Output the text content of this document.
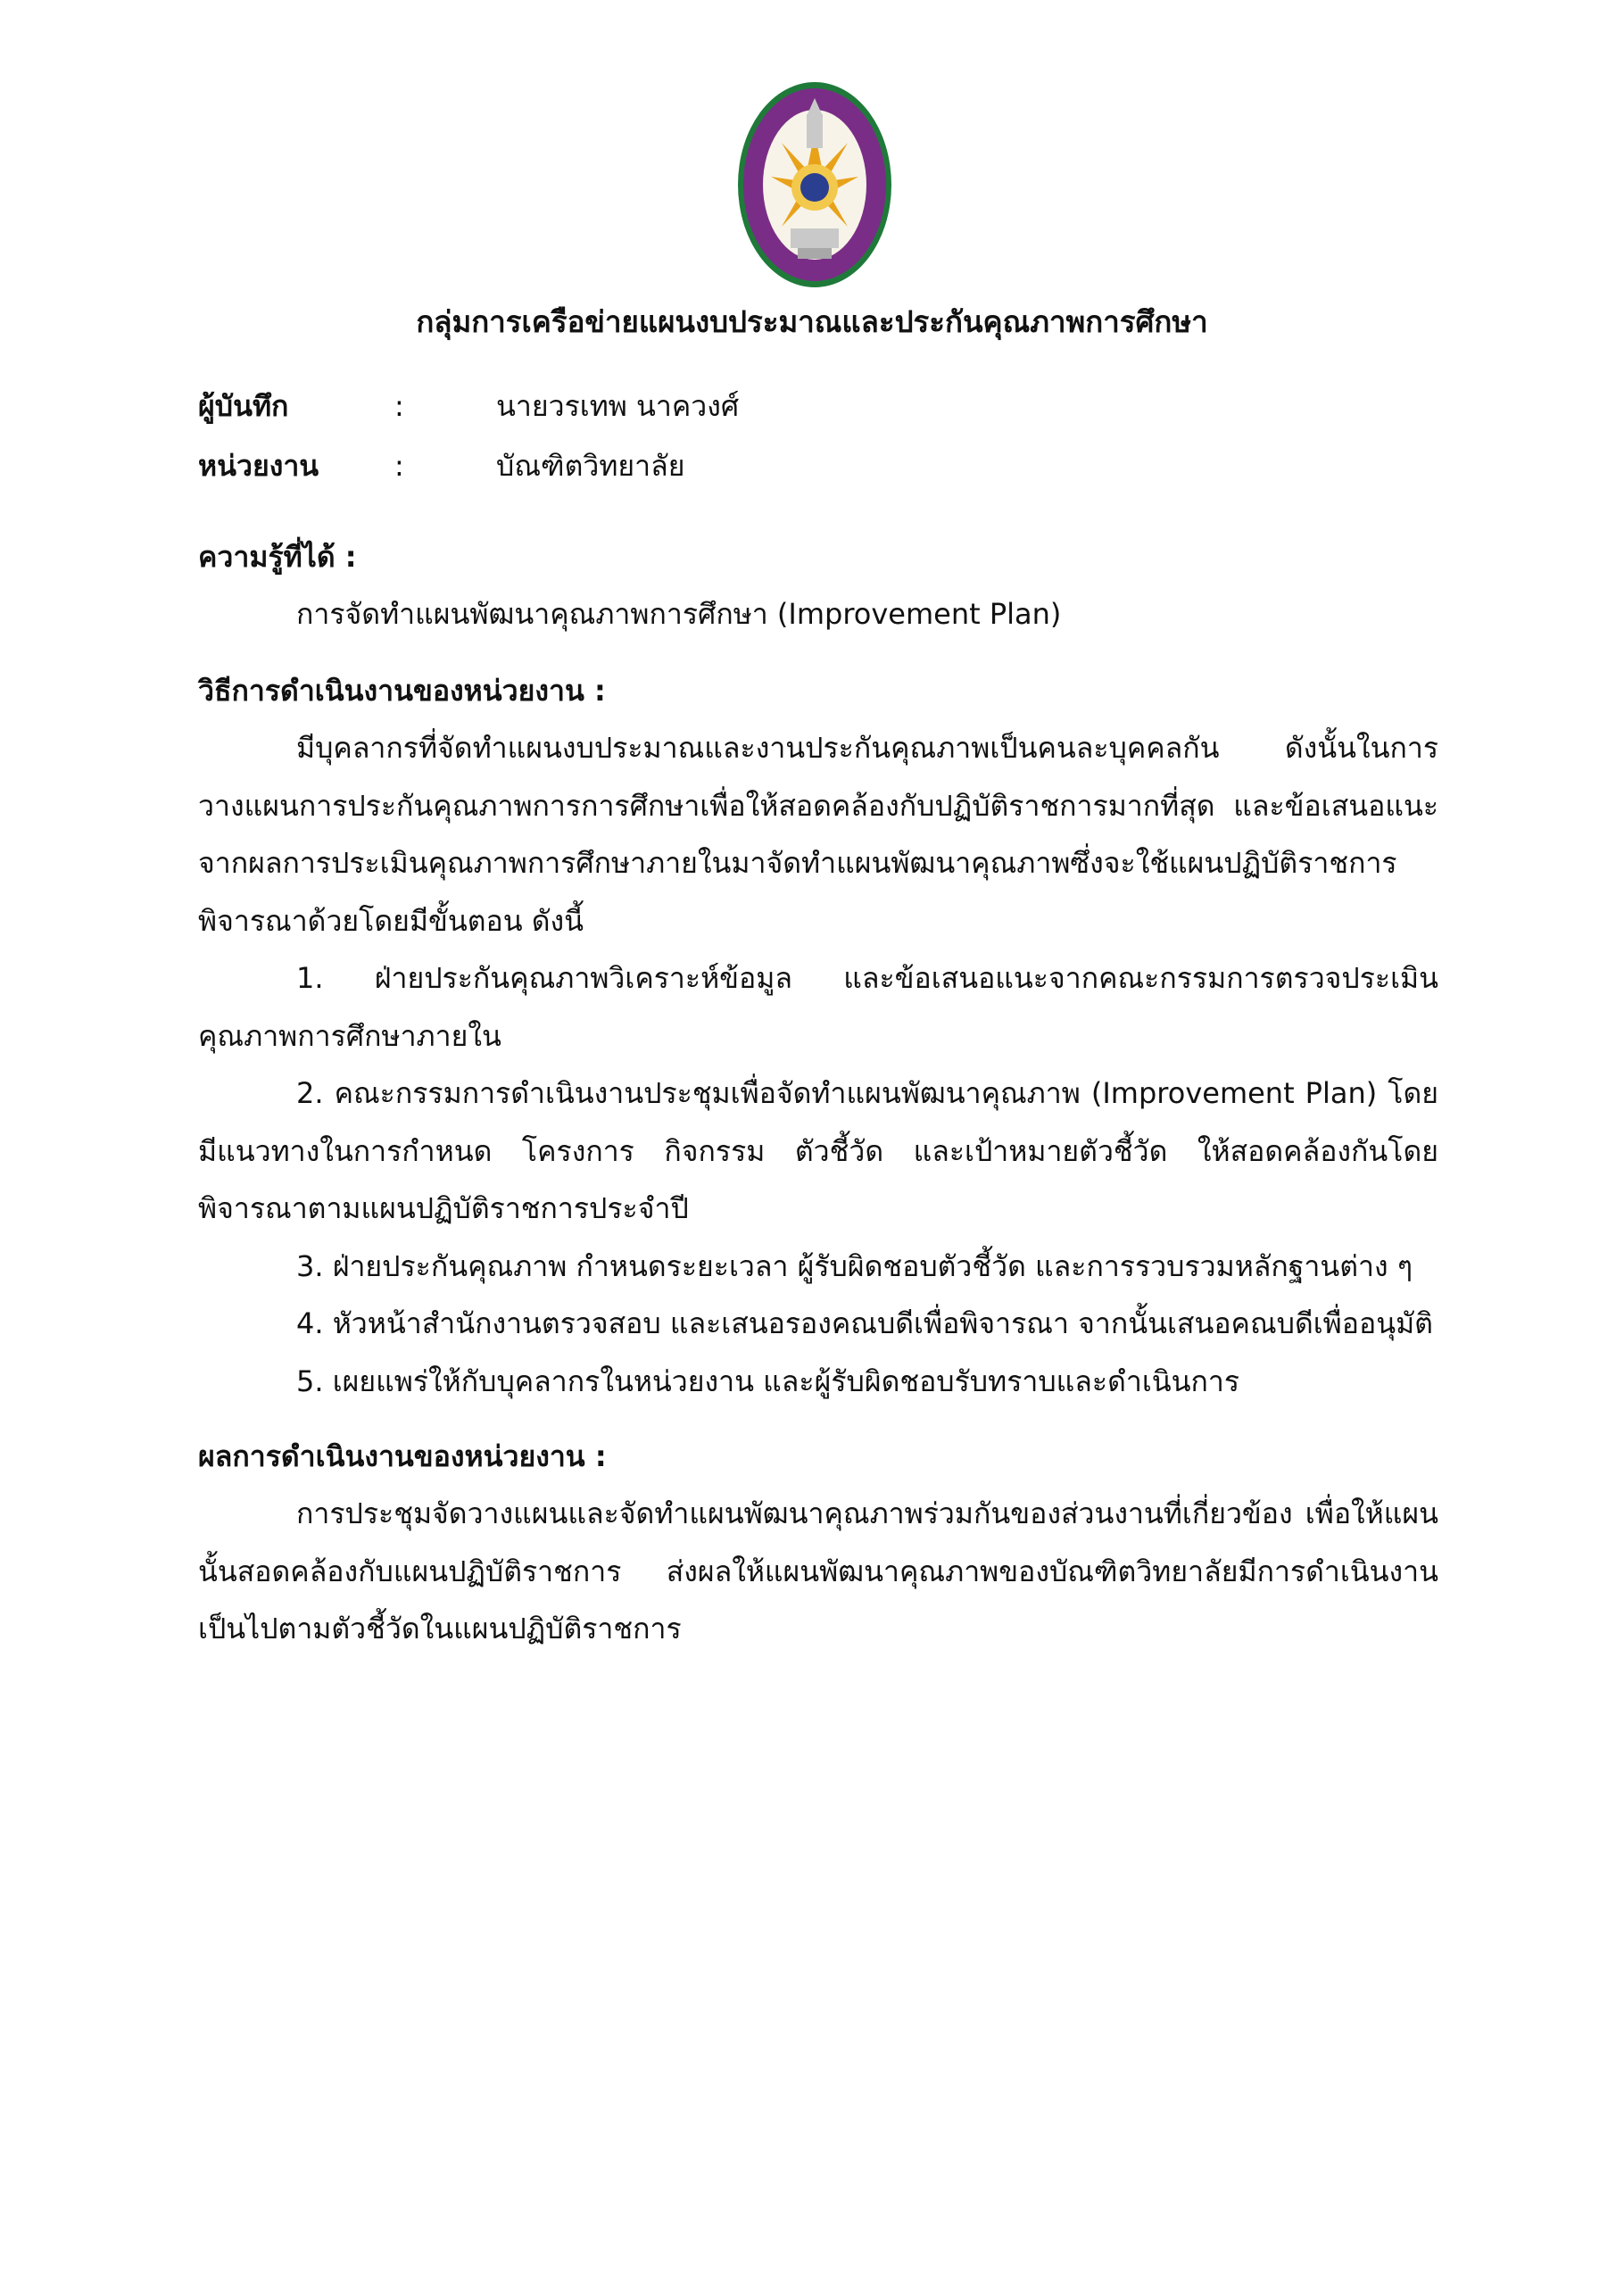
กลุ่มการเครือข่ายแผนงบประมาณและประกันคุณภาพการศึกษา
ผู้บันทึก	:	นายวรเทพ นาควงศ์
หน่วยงาน	:	บัณฑิตวิทยาลัย

ความรู้ที่ได้ :

การจัดทำแผนพัฒนาคุณภาพการศึกษา (Improvement Plan)

วิธีการดำเนินงานของหน่วยงาน :

มีบุคลากรที่จัดทำแผนงบประมาณและงานประกันคุณภาพเป็นคนละบุคคลกัน ดังนั้นในการวางแผนการประกันคุณภาพการการศึกษาเพื่อให้สอดคล้องกับปฏิบัติราชการมากที่สุด และข้อเสนอแนะจากผลการประเมินคุณภาพการศึกษาภายในมาจัดทำแผนพัฒนาคุณภาพซึ่งจะใช้แผนปฏิบัติราชการพิจารณาด้วยโดยมีขั้นตอน ดังนี้

1. ฝ่ายประกันคุณภาพวิเคราะห์ข้อมูล และข้อเสนอแนะจากคณะกรรมการตรวจประเมินคุณภาพการศึกษาภายใน
2. คณะกรรมการดำเนินงานประชุมเพื่อจัดทำแผนพัฒนาคุณภาพ (Improvement Plan) โดยมีแนวทางในการกำหนด โครงการ กิจกรรม ตัวชี้วัด และเป้าหมายตัวชี้วัด ให้สอดคล้องกันโดยพิจารณาตามแผนปฏิบัติราชการประจำปี
3. ฝ่ายประกันคุณภาพ กำหนดระยะเวลา ผู้รับผิดชอบตัวชี้วัด และการรวบรวมหลักฐานต่าง ๆ
4. หัวหน้าสำนักงานตรวจสอบ และเสนอรองคณบดีเพื่อพิจารณา จากนั้นเสนอคณบดีเพื่ออนุมัติ
5. เผยแพร่ให้กับบุคลากรในหน่วยงาน และผู้รับผิดชอบรับทราบและดำเนินการ

ผลการดำเนินงานของหน่วยงาน :

การประชุมจัดวางแผนและจัดทำแผนพัฒนาคุณภาพร่วมกันของส่วนงานที่เกี่ยวข้อง เพื่อให้แผนนั้นสอดคล้องกับแผนปฏิบัติราชการ ส่งผลให้แผนพัฒนาคุณภาพของบัณฑิตวิทยาลัยมีการดำเนินงานเป็นไปตามตัวชี้วัดในแผนปฏิบัติราชการ
